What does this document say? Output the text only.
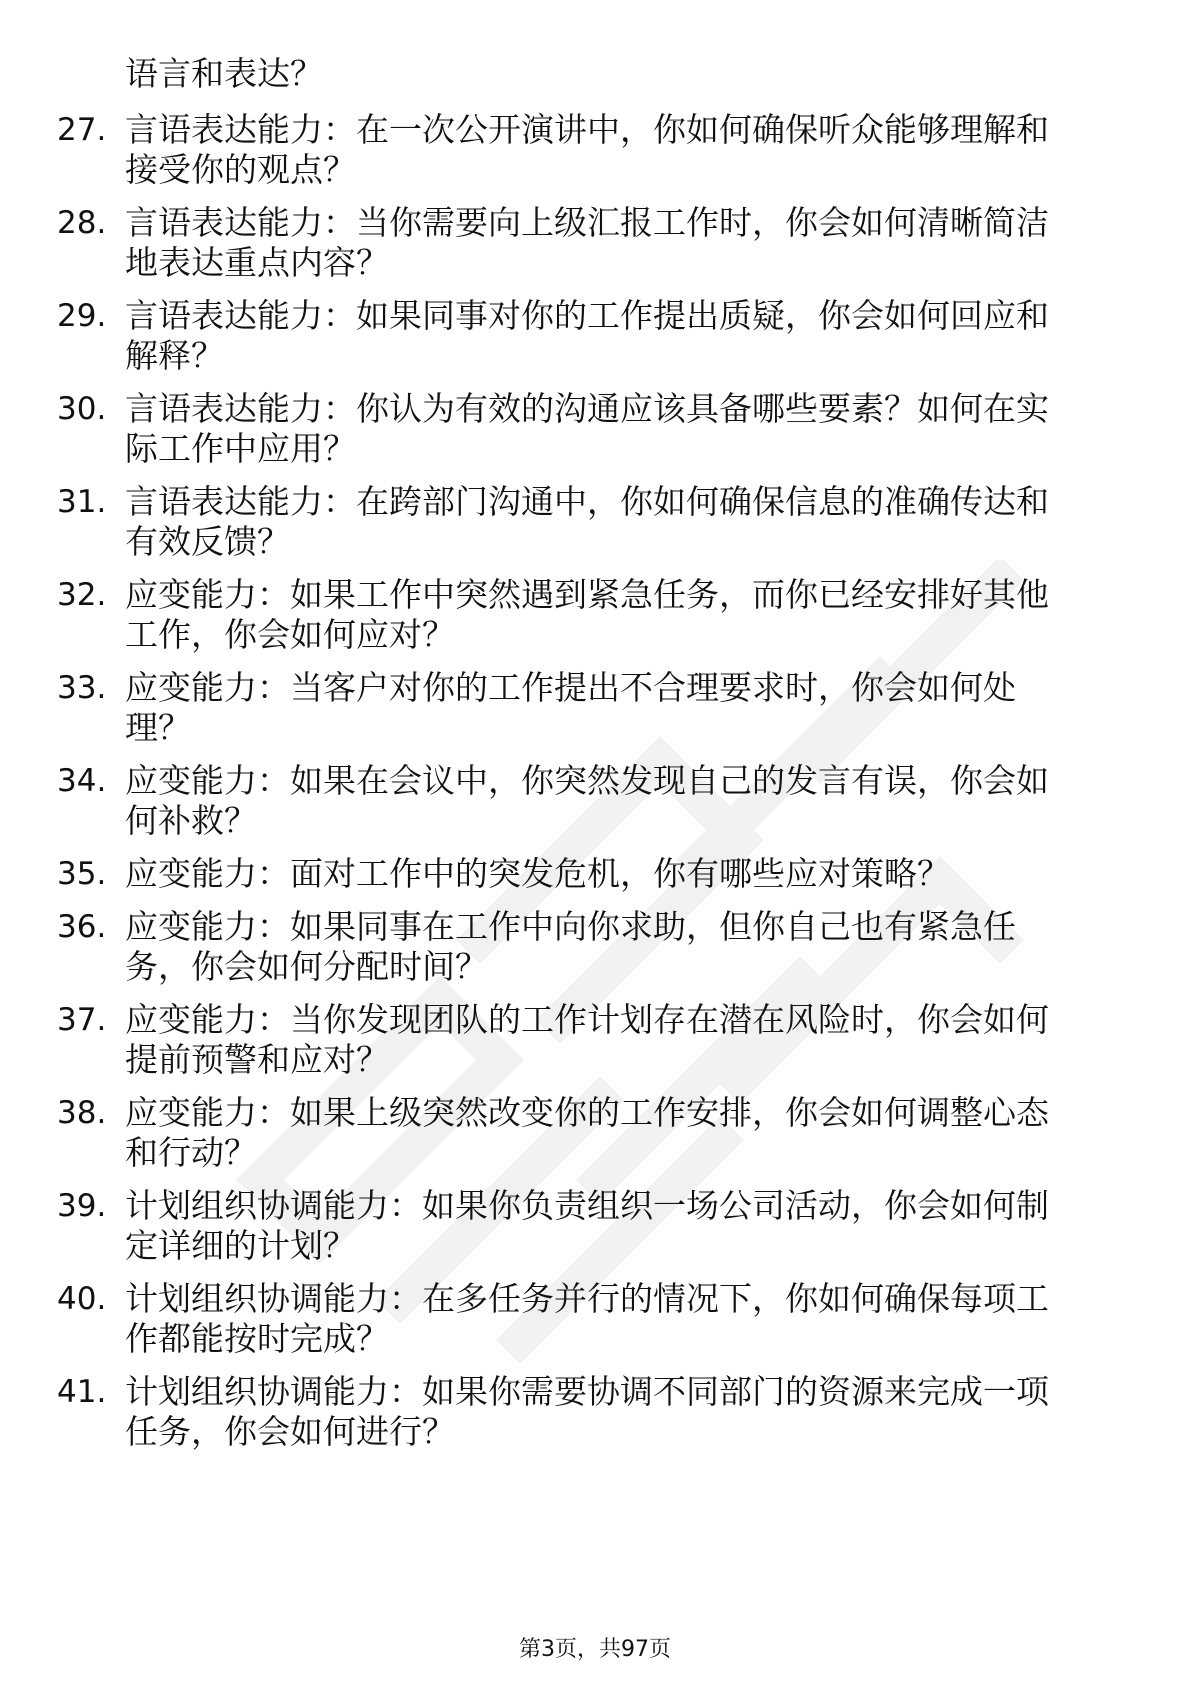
语言和表达？
27. 言语表达能力：在一次公开演讲中，你如何确保听众能够理解和
接受你的观点？
28. 言语表达能力：当你需要向上级汇报工作时，你会如何清晰简洁
地表达重点内容？
29. 言语表达能力：如果同事对你的工作提出质疑，你会如何回应和
解释？
30. 言语表达能力：你认为有效的沟通应该具备哪些要素？如何在实
际工作中应用？
31. 言语表达能力：在跨部门沟通中，你如何确保信息的准确传达和
有效反馈？
32. 应变能力：如果工作中突然遇到紧急任务，而你已经安排好其他
工作，你会如何应对？
33. 应变能力：当客户对你的工作提出不合理要求时，你会如何处
理？
34. 应变能力：如果在会议中，你突然发现自己的发言有误，你会如
何补救？
35. 应变能力：面对工作中的突发危机，你有哪些应对策略？
36. 应变能力：如果同事在工作中向你求助，但你自己也有紧急任
务，你会如何分配时间？
37. 应变能力：当你发现团队的工作计划存在潜在风险时，你会如何
提前预警和应对？
38. 应变能力：如果上级突然改变你的工作安排，你会如何调整心态
和行动？
39. 计划组织协调能力：如果你负责组织一场公司活动，你会如何制
定详细的计划？
40. 计划组织协调能力：在多任务并行的情况下，你如何确保每项工
作都能按时完成？
41. 计划组织协调能力：如果你需要协调不同部门的资源来完成一项
任务，你会如何进行？
第3页，共97页
